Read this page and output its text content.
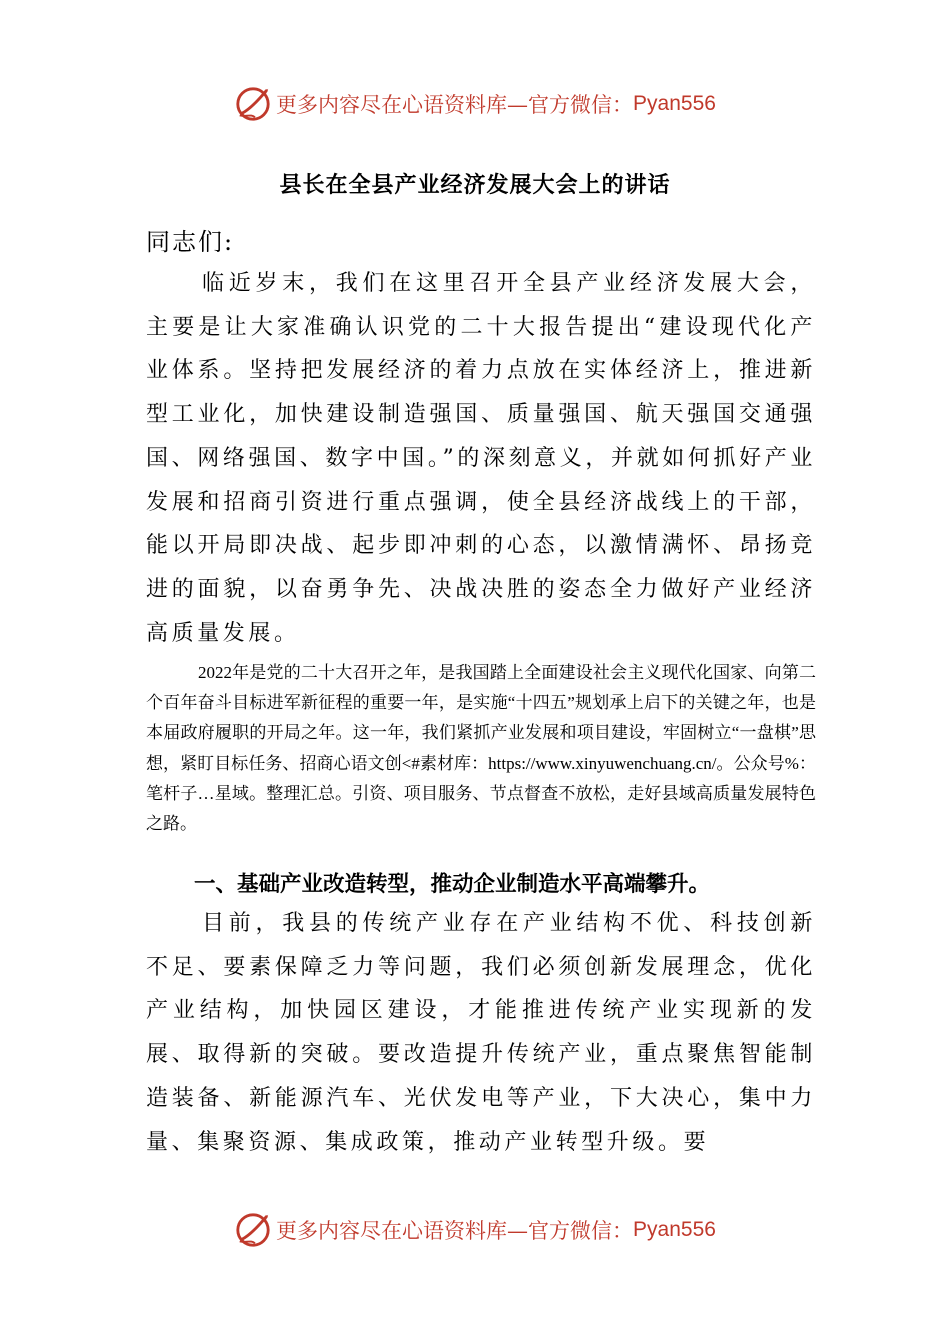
更多内容尽在心语资料库—官方微信： Pyan556
县长在全县产业经济发展大会上的讲话
同志们:
临近岁末，我们在这里召开全县产业经济发展大会，主要是让大家准确认识党的二十大报告提出“建设现代化产业体系。坚持把发展经济的着力点放在实体经济上，推进新型工业化，加快建设制造强国、质量强国、航天强国交通强国、网络强国、数字中国。”的深刻意义，并就如何抓好产业发展和招商引资进行重点强调，使全县经济战线上的干部，能以开局即决战、起步即冲刺的心态，以激情满怀、昂扬竞进的面貌，以奋勇争先、决战决胜的姿态全力做好产业经济高质量发展。
2022年是党的二十大召开之年，是我国踏上全面建设社会主义现代化国家、向第二个百年奋斗目标进军新征程的重要一年，是实施“十四五”规划承上启下的关键之年，也是本届政府履职的开局之年。这一年，我们紧抓产业发展和项目建设，牢固树立“一盘棋”思想，紧盯目标任务、招商心语文创<#素材库：https://www.xinyuwenchuang.cn/。公众号%：笔杆子…星域。整理汇总。引资、项目服务、节点督查不放松，走好县域高质量发展特色之路。
一、基础产业改造转型，推动企业制造水平高端攀升。
目前，我县的传统产业存在产业结构不优、科技创新不足、要素保障乏力等问题，我们必须创新发展理念，优化产业结构，加快园区建设，才能推进传统产业实现新的发展、取得新的突破。要改造提升传统产业，重点聚焦智能制造装备、新能源汽车、光伏发电等产业，下大决心，集中力量、集聚资源、集成政策，推动产业转型升级。要
更多内容尽在心语资料库—官方微信： Pyan556
